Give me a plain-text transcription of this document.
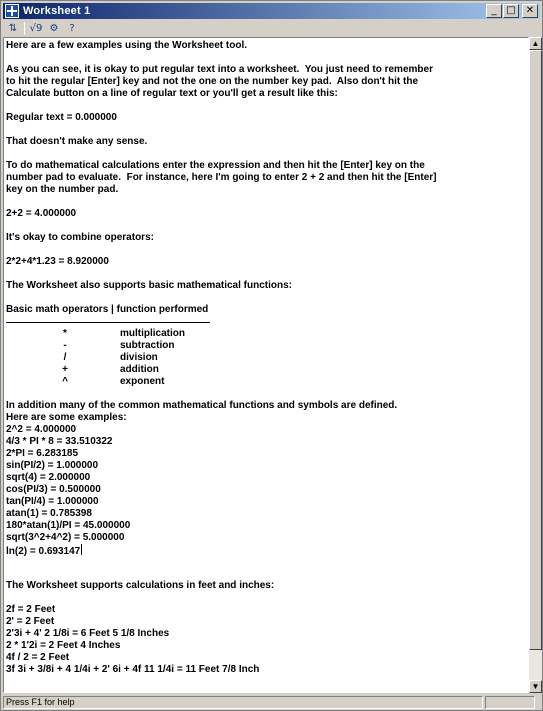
Worksheet 1	_ □	✕
⇅ √9 ⚙	?
Here are a few examples using the Worksheet tool.
As you can see, it is okay to put regular text into a worksheet.  You just need to remember
to hit the regular [Enter] key and not the one on the number key pad.  Also don't hit the
Calculate button on a line of regular text or you'll get a result like this:
Regular text = 0.000000
That doesn't make any sense.
To do mathematical calculations enter the expression and then hit the [Enter] key on the
number pad to evaluate.  For instance, here I'm going to enter 2 + 2 and then hit the [Enter]
key on the number pad.
2+2 = 4.000000
It's okay to combine operators:
2*2+4*1.23 = 8.920000
The Worksheet also supports basic mathematical functions:
Basic math operators | function performed
*	multiplication
-	subtraction
/	division
+	addition
^	exponent
In addition many of the common mathematical functions and symbols are defined.
Here are some examples:
2^2 = 4.000000
4/3 * PI * 8 = 33.510322
2*PI = 6.283185
sin(PI/2) = 1.000000
sqrt(4) = 2.000000
cos(PI/3) = 0.500000
tan(PI/4) = 1.000000
atan(1) = 0.785398
180*atan(1)/PI = 45.000000
sqrt(3^2+4^2) = 5.000000
ln(2) = 0.693147
The Worksheet supports calculations in feet and inches:
2f = 2 Feet
2' = 2 Feet
2'3i + 4' 2 1/8i = 6 Feet 5 1/8 Inches
2 * 1'2i = 2 Feet 4 Inches
4f / 2 = 2 Feet
3f 3i + 3/8i + 4 1/4i + 2' 6i + 4f 11 1/4i = 11 Feet 7/8 Inch
▲
▼
Press F1 for help
